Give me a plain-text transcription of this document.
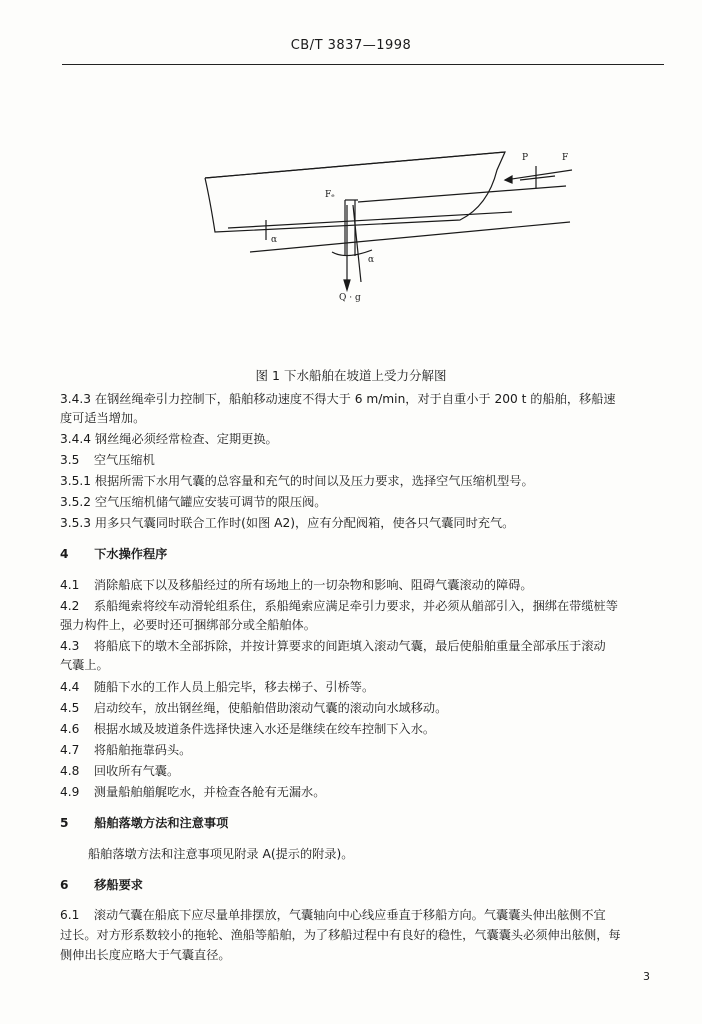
CB/T 3837—1998
P	F
Fₑ
α
α
Q · g
图 1 下水船舶在坡道上受力分解图
3.4.3 在钢丝绳牵引力控制下，船舶移动速度不得大于 6 m/min，对于自重小于 200 t 的船舶，移船速
度可适当增加。
3.4.4 钢丝绳必须经常检查、定期更换。
3.5 空气压缩机
3.5.1 根据所需下水用气囊的总容量和充气的时间以及压力要求，选择空气压缩机型号。
3.5.2 空气压缩机储气罐应安装可调节的限压阀。
3.5.3 用多只气囊同时联合工作时(如图 A2)，应有分配阀箱，使各只气囊同时充气。
4 下水操作程序
4.1 消除船底下以及移船经过的所有场地上的一切杂物和影响、阻碍气囊滚动的障碍。
4.2 系船绳索将绞车动滑轮组系住，系船绳索应满足牵引力要求，并必须从艏部引入，捆绑在带缆桩等
强力构件上，必要时还可捆绑部分或全船舶体。
4.3 将船底下的墩木全部拆除，并按计算要求的间距填入滚动气囊，最后使船舶重量全部承压于滚动
气囊上。
4.4 随船下水的工作人员上船完毕，移去梯子、引桥等。
4.5 启动绞车，放出钢丝绳，使船舶借助滚动气囊的滚动向水域移动。
4.6 根据水域及坡道条件选择快速入水还是继续在绞车控制下入水。
4.7 将船舶拖靠码头。
4.8 回收所有气囊。
4.9 测量船舶艏艉吃水，并检查各舱有无漏水。
5 船舶落墩方法和注意事项
船舶落墩方法和注意事项见附录 A(提示的附录)。
6 移船要求
6.1 滚动气囊在船底下应尽量单排摆放，气囊轴向中心线应垂直于移船方向。气囊囊头伸出舷侧不宜
过长。对方形系数较小的拖轮、渔船等船舶，为了移船过程中有良好的稳性，气囊囊头必须伸出舷侧，每
侧伸出长度应略大于气囊直径。
3
